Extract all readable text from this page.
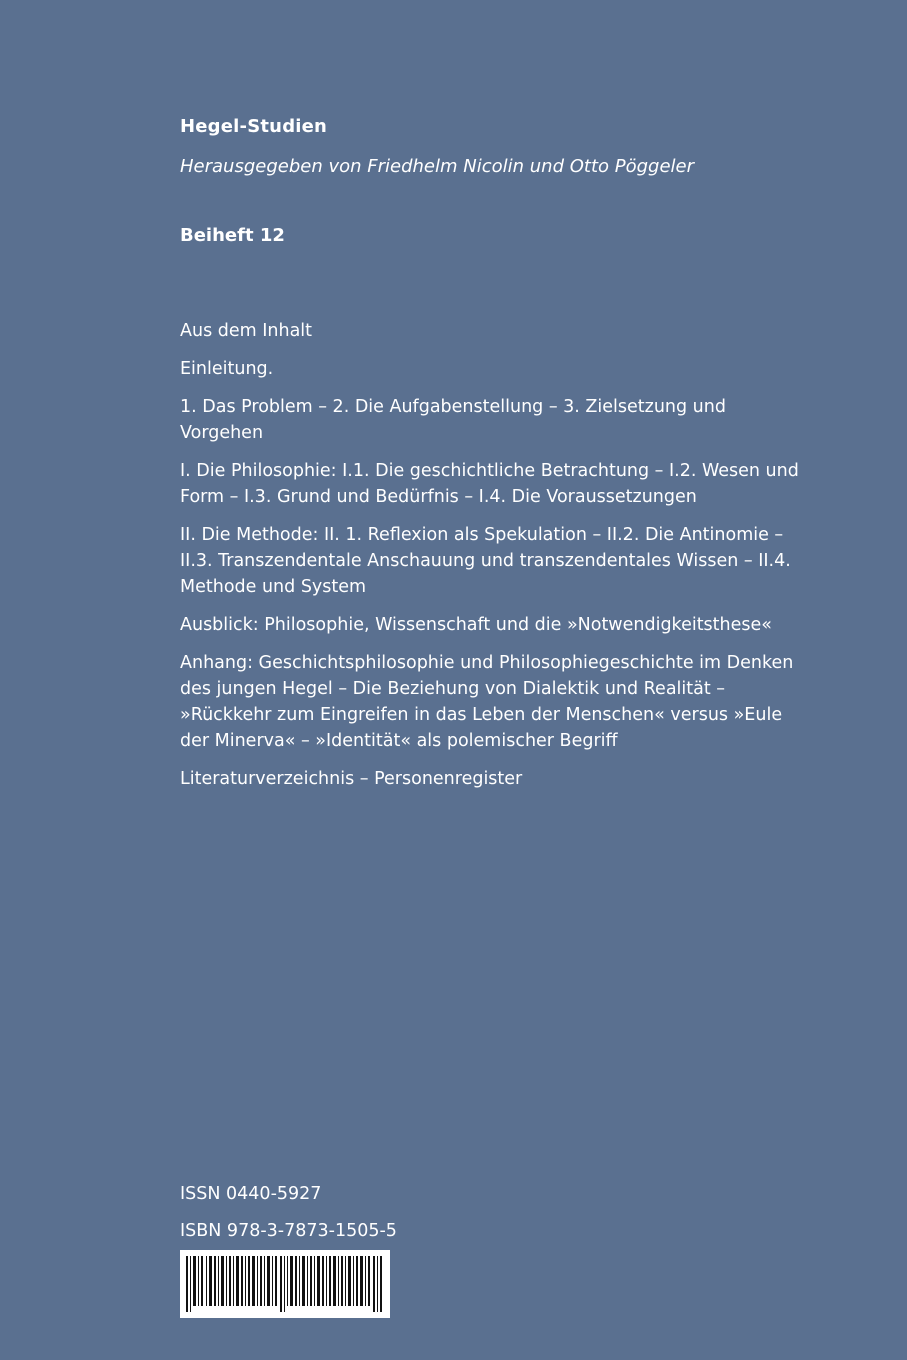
Hegel-Studien
Herausgegeben von Friedhelm Nicolin und Otto Pöggeler
Beiheft 12

Aus dem Inhalt

Einleitung.

1. Das Problem – 2. Die Aufgabenstellung – 3. Zielsetzung und Vorgehen

I. Die Philosophie: I.1. Die geschichtliche Betrachtung – I.2. Wesen und Form – I.3. Grund und Bedürfnis – I.4. Die Voraussetzungen

II. Die Methode: II. 1. Reflexion als Spekulation – II.2. Die Antinomie – II.3. Transzendentale Anschauung und transzendentales Wissen – II.4. Methode und System

Ausblick: Philosophie, Wissenschaft und die »Notwendigkeitsthese«

Anhang: Geschichtsphilosophie und Philosophiegeschichte im Denken des jungen Hegel – Die Beziehung von Dialektik und Realität – »Rückkehr zum Eingreifen in das Leben der Menschen« versus »Eule der Minerva« – »Identität« als polemischer Begriff

Literaturverzeichnis – Personenregister

ISSN 0440-5927
ISBN 978-3-7873-1505-5
